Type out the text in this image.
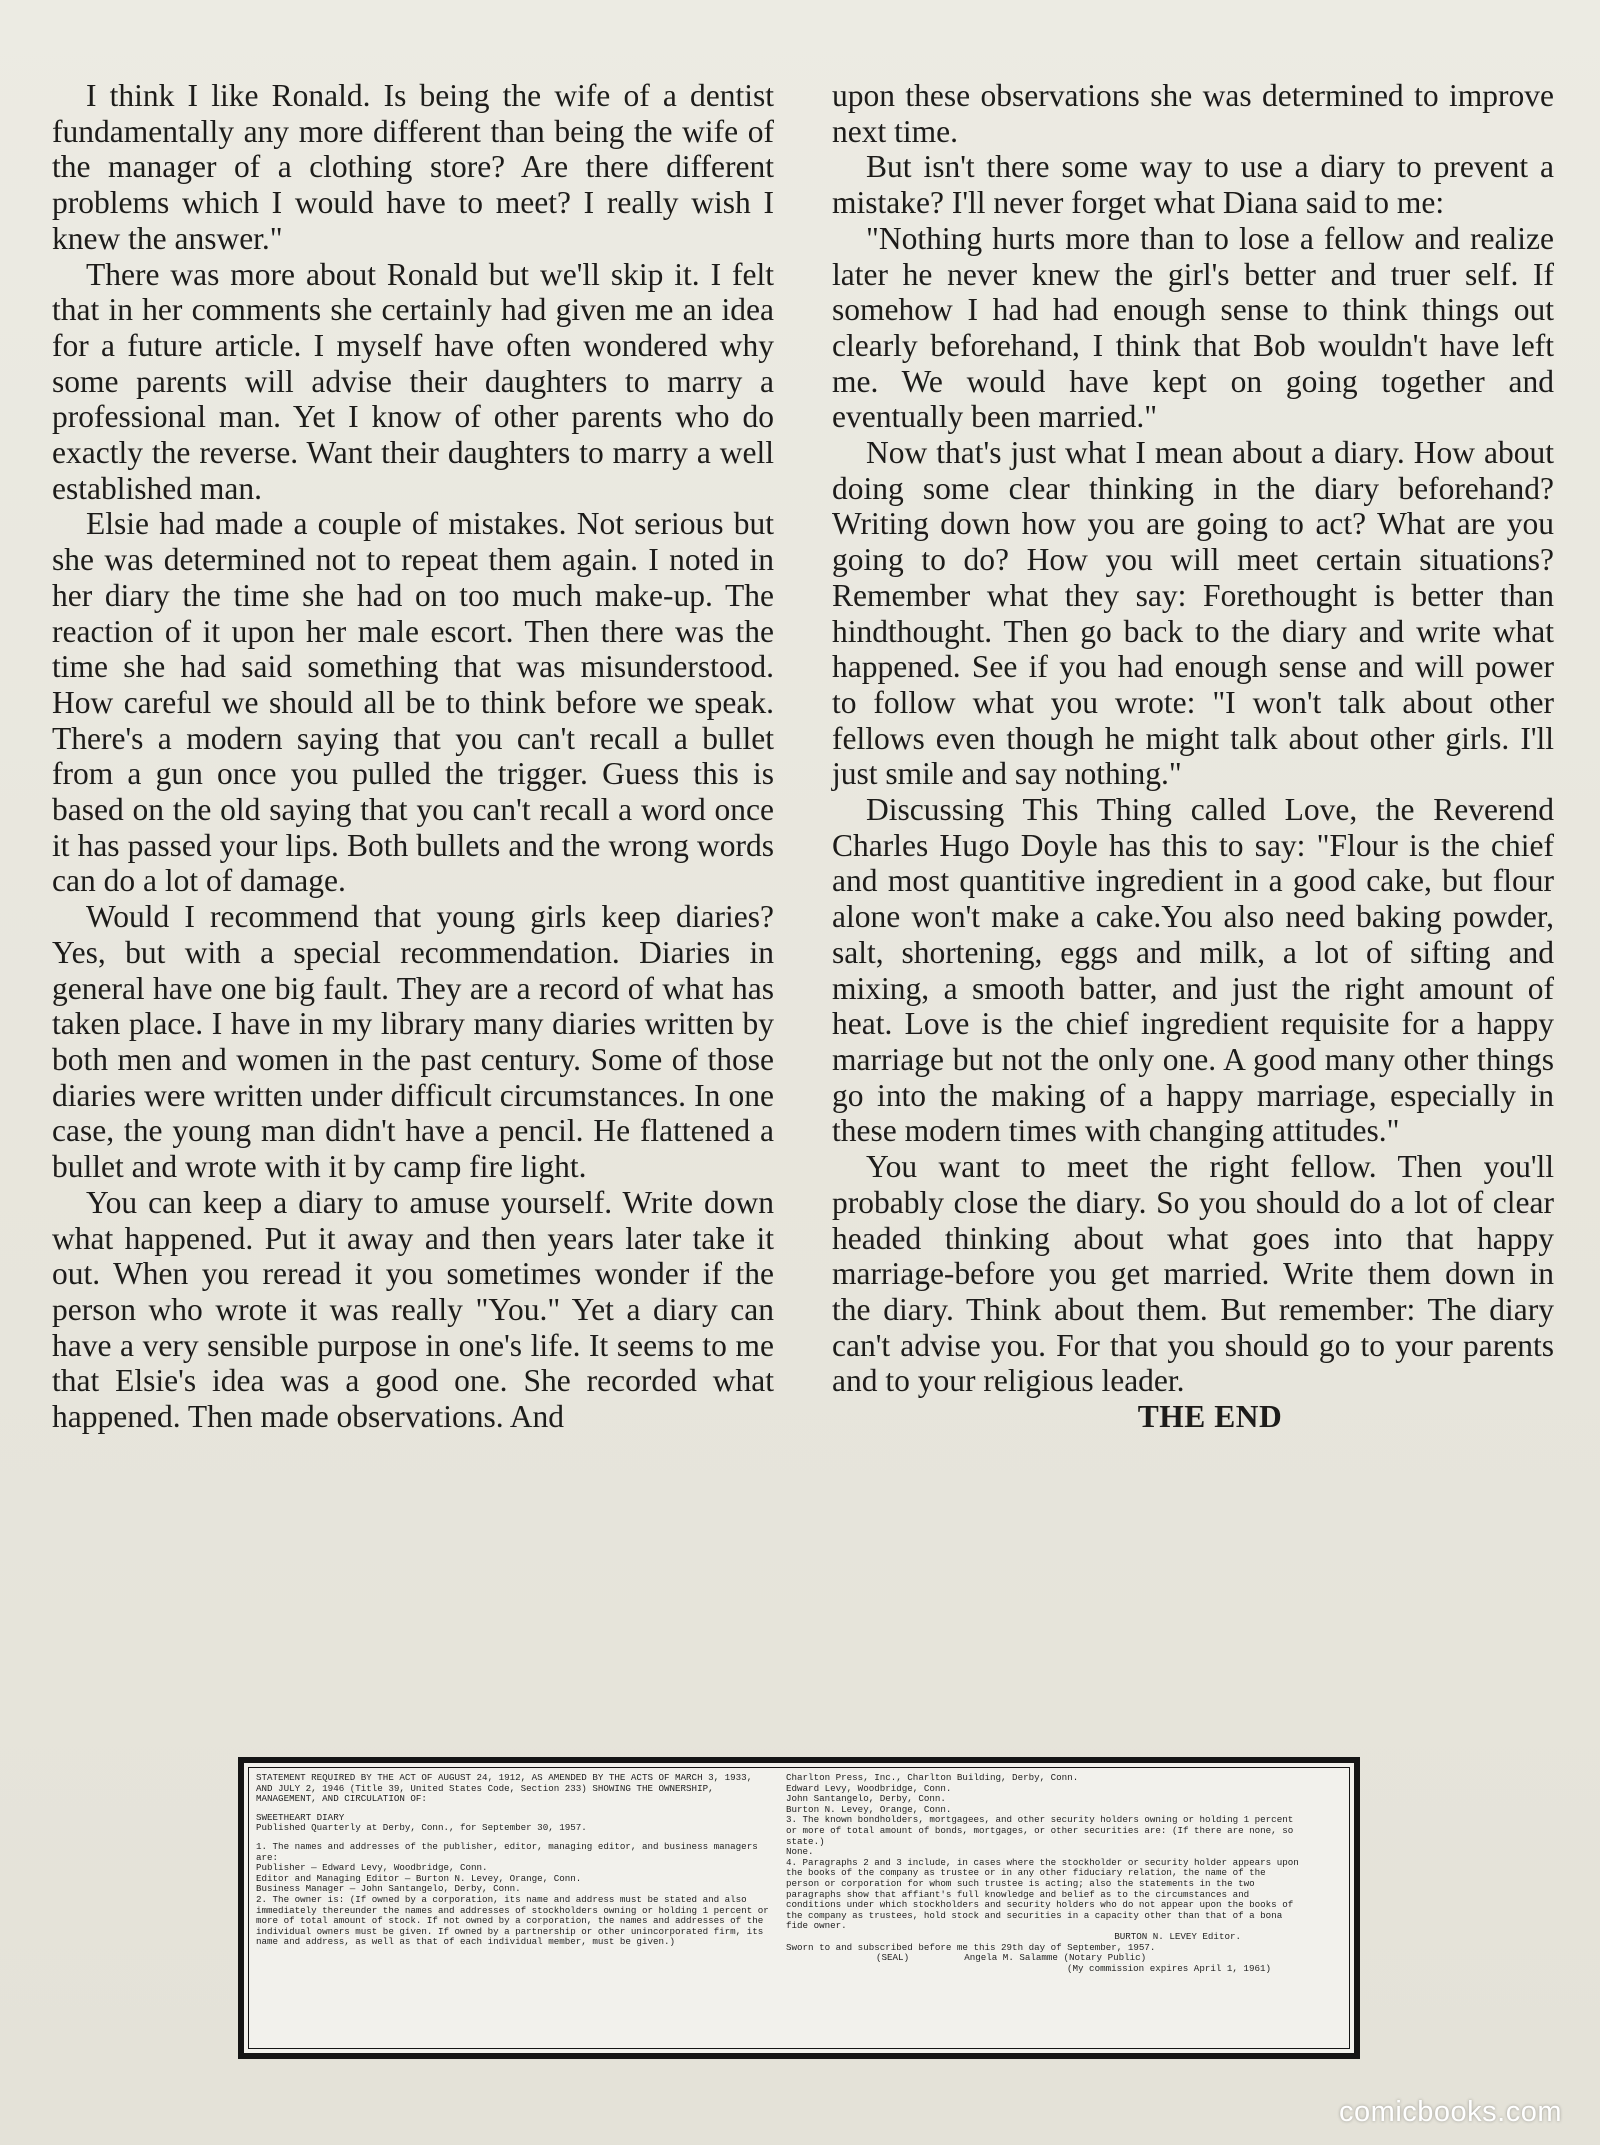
I think I like Ronald. Is being the wife of a dentist fundamentally any more different than being the wife of the manager of a clothing store? Are there different problems which I would have to meet? I really wish I knew the answer."

There was more about Ronald but we'll skip it. I felt that in her comments she certainly had given me an idea for a future article. I myself have often wondered why some parents will advise their daughters to marry a professional man. Yet I know of other parents who do exactly the reverse. Want their daughters to marry a well established man.

Elsie had made a couple of mistakes. Not serious but she was determined not to repeat them again. I noted in her diary the time she had on too much make-up. The reaction of it upon her male escort. Then there was the time she had said something that was misunderstood. How careful we should all be to think before we speak. There's a modern saying that you can't recall a bullet from a gun once you pulled the trigger. Guess this is based on the old saying that you can't recall a word once it has passed your lips. Both bullets and the wrong words can do a lot of damage.

Would I recommend that young girls keep diaries? Yes, but with a special recommendation. Diaries in general have one big fault. They are a record of what has taken place. I have in my library many diaries written by both men and women in the past century. Some of those diaries were written under difficult circumstances. In one case, the young man didn't have a pencil. He flattened a bullet and wrote with it by camp fire light.

You can keep a diary to amuse yourself. Write down what happened. Put it away and then years later take it out. When you reread it you sometimes wonder if the person who wrote it was really "You." Yet a diary can have a very sensible purpose in one's life. It seems to me that Elsie's idea was a good one. She recorded what happened. Then made observations. And

upon these observations she was determined to improve next time.

But isn't there some way to use a diary to prevent a mistake? I'll never forget what Diana said to me:

"Nothing hurts more than to lose a fellow and realize later he never knew the girl's better and truer self. If somehow I had had enough sense to think things out clearly beforehand, I think that Bob wouldn't have left me. We would have kept on going together and eventually been married."

Now that's just what I mean about a diary. How about doing some clear thinking in the diary beforehand? Writing down how you are going to act? What are you going to do? How you will meet certain situations? Remember what they say: Forethought is better than hindthought. Then go back to the diary and write what happened. See if you had enough sense and will power to follow what you wrote: "I won't talk about other fellows even though he might talk about other girls. I'll just smile and say nothing."

Discussing This Thing called Love, the Reverend Charles Hugo Doyle has this to say: "Flour is the chief and most quantitive ingredient in a good cake, but flour alone won't make a cake.You also need baking powder, salt, shortening, eggs and milk, a lot of sifting and mixing, a smooth batter, and just the right amount of heat. Love is the chief ingredient requisite for a happy marriage but not the only one. A good many other things go into the making of a happy marriage, especially in these modern times with changing attitudes."

You want to meet the right fellow. Then you'll probably close the diary. So you should do a lot of clear headed thinking about what goes into that happy marriage-before you get married. Write them down in the diary. Think about them. But remember: The diary can't advise you. For that you should go to your parents and to your religious leader.

THE END

STATEMENT REQUIRED BY THE ACT OF AUGUST 24, 1912, AS AMENDED BY THE ACTS OF MARCH 3, 1933, AND JULY 2, 1946 (Title 39, United States Code, Section 233) SHOWING THE OWNERSHIP, MANAGEMENT, AND CIRCULATION OF:
SWEETHEART DIARY
Published Quarterly at Derby, Conn., for September 30, 1957.
1. The names and addresses of the publisher, editor, managing editor, and business managers are:
Publisher — Edward Levy, Woodbridge, Conn.
Editor and Managing Editor — Burton N. Levey, Orange, Conn.
Business Manager — John Santangelo, Derby, Conn.
2. The owner is: (If owned by a corporation, its name and address must be stated and also immediately thereunder the names and addresses of stockholders owning or holding 1 percent or more of total amount of stock. If not owned by a corporation, the names and addresses of the individual owners must be given. If owned by a partnership or other unincorporated firm, its name and address, as well as that of each individual member, must be given.)
Charlton Press, Inc., Charlton Building, Derby, Conn.
Edward Levy, Woodbridge, Conn.
John Santangelo, Derby, Conn.
Burton N. Levey, Orange, Conn.
3. The known bondholders, mortgagees, and other security holders owning or holding 1 percent or more of total amount of bonds, mortgages, or other securities are: (If there are none, so state.)
None.
4. Paragraphs 2 and 3 include, in cases where the stockholder or security holder appears upon the books of the company as trustee or in any other fiduciary relation, the name of the person or corporation for whom such trustee is acting; also the statements in the two paragraphs show that affiant's full knowledge and belief as to the circumstances and conditions under which stockholders and security holders who do not appear upon the books of the company as trustees, hold stock and securities in a capacity other than that of a bona fide owner.
BURTON N. LEVEY Editor.
Sworn to and subscribed before me this 29th day of September, 1957.
(SEAL)          Angela M. Salamme (Notary Public)
(My commission expires April 1, 1961)
comicbooks.com
